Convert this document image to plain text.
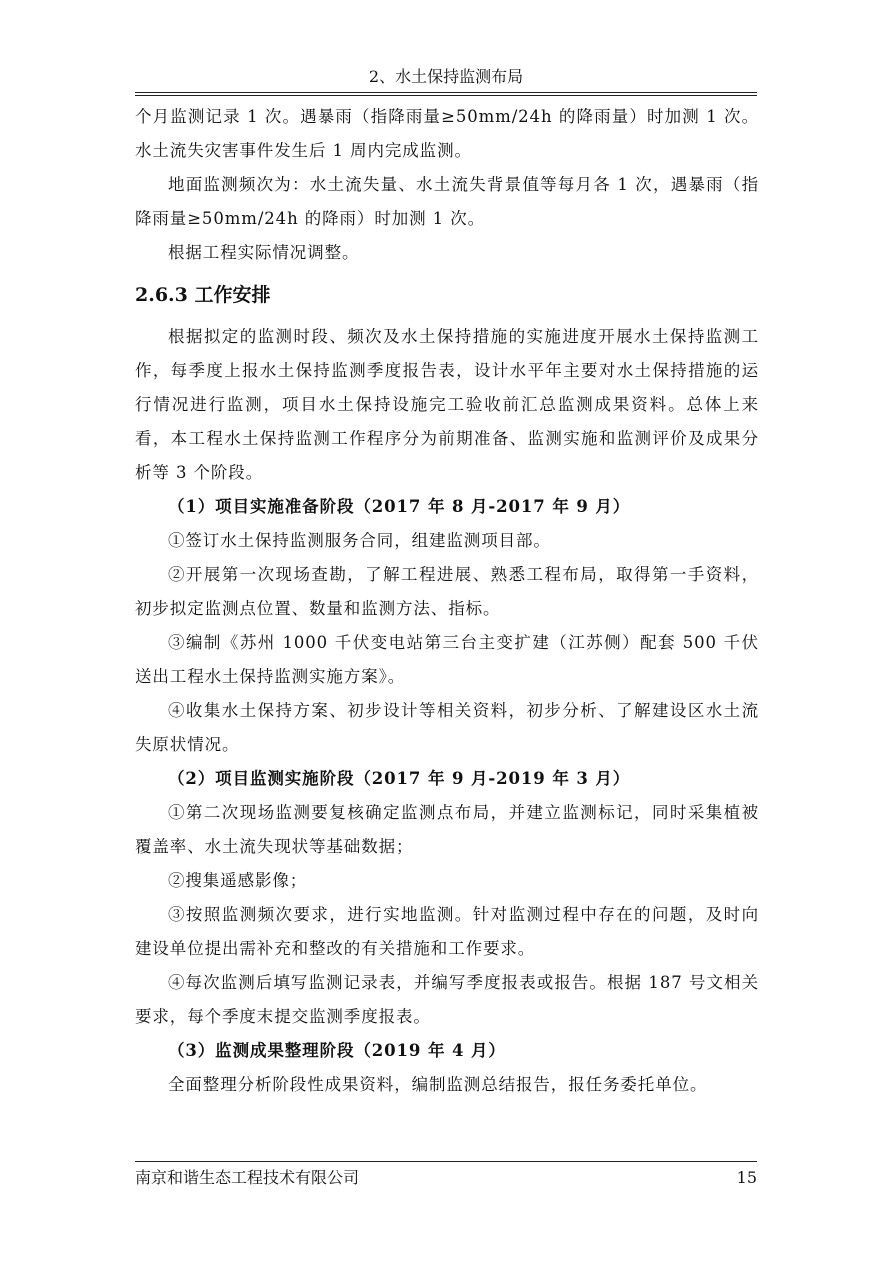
2、水土保持监测布局

个月监测记录 1 次。遇暴雨（指降雨量≥50mm/24h 的降雨量）时加测 1 次。水土流失灾害事件发生后 1 周内完成监测。

地面监测频次为：水土流失量、水土流失背景值等每月各 1 次，遇暴雨（指降雨量≥50mm/24h 的降雨）时加测 1 次。

根据工程实际情况调整。

2.6.3 工作安排

根据拟定的监测时段、频次及水土保持措施的实施进度开展水土保持监测工作，每季度上报水土保持监测季度报告表，设计水平年主要对水土保持措施的运行情况进行监测，项目水土保持设施完工验收前汇总监测成果资料。总体上来看，本工程水土保持监测工作程序分为前期准备、监测实施和监测评价及成果分析等 3 个阶段。

（1）项目实施准备阶段（2017 年 8 月-2017 年 9 月）

①签订水土保持监测服务合同，组建监测项目部。

②开展第一次现场查勘，了解工程进展、熟悉工程布局，取得第一手资料，初步拟定监测点位置、数量和监测方法、指标。

③编制《苏州 1000 千伏变电站第三台主变扩建（江苏侧）配套 500 千伏送出工程水土保持监测实施方案》。

④收集水土保持方案、初步设计等相关资料，初步分析、了解建设区水土流失原状情况。

（2）项目监测实施阶段（2017 年 9 月-2019 年 3 月）

①第二次现场监测要复核确定监测点布局，并建立监测标记，同时采集植被覆盖率、水土流失现状等基础数据；

②搜集遥感影像；

③按照监测频次要求，进行实地监测。针对监测过程中存在的问题，及时向建设单位提出需补充和整改的有关措施和工作要求。

④每次监测后填写监测记录表，并编写季度报表或报告。根据 187 号文相关要求，每个季度末提交监测季度报表。

（3）监测成果整理阶段（2019 年 4 月）

全面整理分析阶段性成果资料，编制监测总结报告，报任务委托单位。

南京和谐生态工程技术有限公司	15
